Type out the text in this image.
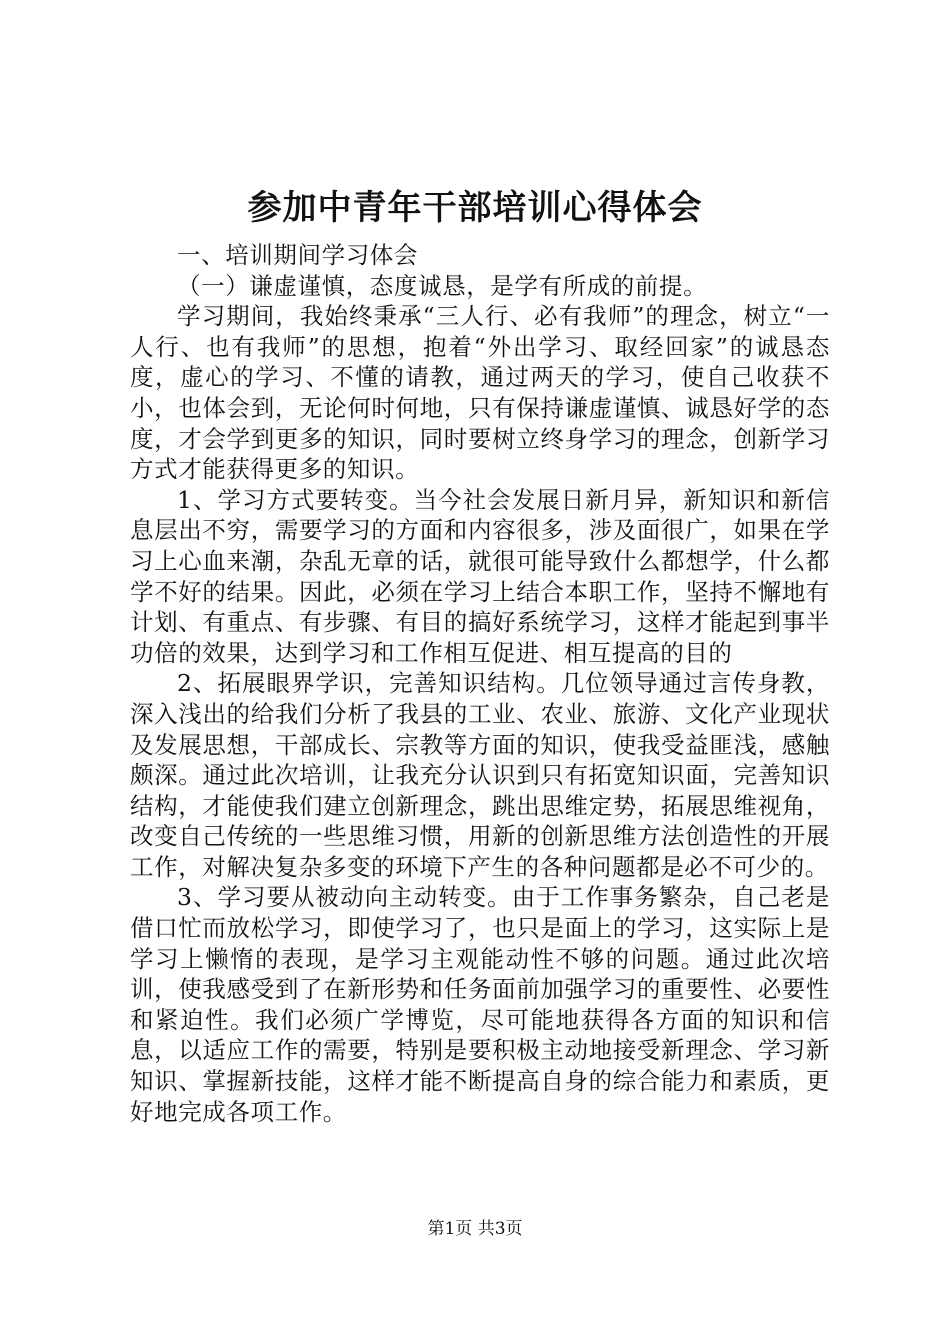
参加中青年干部培训心得体会

一、培训期间学习体会

（一）谦虚谨慎，态度诚恳，是学有所成的前提。

学习期间，我始终秉承“三人行、必有我师”的理念，树立“一人行、也有我师”的思想，抱着“外出学习、取经回家”的诚恳态度，虚心的学习、不懂的请教，通过两天的学习，使自己收获不小，也体会到，无论何时何地，只有保持谦虚谨慎、诚恳好学的态度，才会学到更多的知识，同时要树立终身学习的理念，创新学习方式才能获得更多的知识。

1、学习方式要转变。当今社会发展日新月异，新知识和新信息层出不穷，需要学习的方面和内容很多，涉及面很广，如果在学习上心血来潮，杂乱无章的话，就很可能导致什么都想学，什么都学不好的结果。因此，必须在学习上结合本职工作，坚持不懈地有计划、有重点、有步骤、有目的搞好系统学习，这样才能起到事半功倍的效果，达到学习和工作相互促进、相互提高的目的

2、拓展眼界学识，完善知识结构。几位领导通过言传身教，深入浅出的给我们分析了我县的工业、农业、旅游、文化产业现状及发展思想，干部成长、宗教等方面的知识，使我受益匪浅，感触颇深。通过此次培训，让我充分认识到只有拓宽知识面，完善知识结构，才能使我们建立创新理念，跳出思维定势，拓展思维视角，改变自己传统的一些思维习惯，用新的创新思维方法创造性的开展工作，对解决复杂多变的环境下产生的各种问题都是必不可少的。

3、学习要从被动向主动转变。由于工作事务繁杂，自己老是借口忙而放松学习，即使学习了，也只是面上的学习，这实际上是学习上懒惰的表现，是学习主观能动性不够的问题。通过此次培训，使我感受到了在新形势和任务面前加强学习的重要性、必要性和紧迫性。我们必须广学博览，尽可能地获得各方面的知识和信息，以适应工作的需要，特别是要积极主动地接受新理念、学习新知识、掌握新技能，这样才能不断提高自身的综合能力和素质，更好地完成各项工作。

第1页 共3页
